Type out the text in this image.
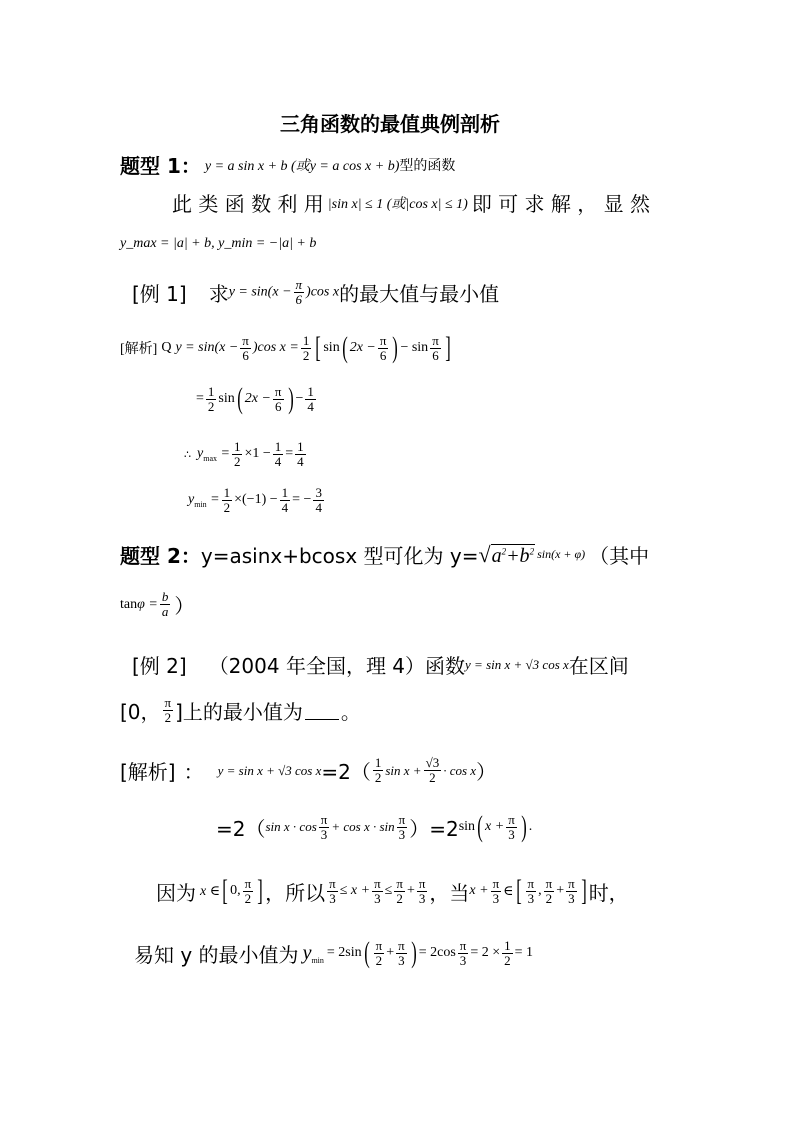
三角函数的最值典例剖析
题型 1： y = a sin x + b (或y = a cos x + b) 型的函数
此 类 函 数 利 用 |sin x| ≤ 1 (或|cos x| ≤ 1) 即 可 求 解 ， 显 然
y_max = |a| + b, y_min = −|a| + b
[例 1] 求 $y = \sin(x - \frac{\pi}{6} )\cos$ x 的最大值与最小值
[解析] Q $y = \sin(x - \frac{\pi}{6} )\cos$ $x = \frac{1}{2}$ [ sin ( $2x - \frac{\pi}{6}$ ) − $\sin \frac{\pi}{6}$ ]
= $\frac{1}{2}$ sin ( $2x - \frac{\pi}{6}$ ) − $\frac{1}{4}$
∴ $y_{max} = \frac{1}{2} \times 1 - \frac{1}{4} = \frac{1}{4}$
$y_{min} = \frac{1}{2} \times(-1) - \frac{1}{4}$ = − $\frac{3}{4}$
题型 2： y=asinx+bcosx 型可化为 y= √ $a^2+b^2$ sin(x + φ) （其中
$\tan \varphi = \frac{b}{a}$ ）
[例 2] （2004 年全国，理 4）函数 y = sin x + √3 cos x 在区间
[0， $\frac{\pi}{2}$ ]上的最小值为 。
[解析] ： y = sin x + √3 $\cos x =2( \frac{1}{2}$ $\sin x + \frac{√3}{2} \cdot \cos x$ ）
=2（ $\sin x \cdot \cos \frac{\pi}{3} + \cos x \cdot \sin \frac{\pi}{3} )=2$ sin ( $x + \frac{\pi}{3}$ ) .
因为 x ∈ [ 0, $\frac{\pi}{2}$ ] ，所以 $\frac{\pi}{3} \le x + \frac{\pi}{3} \le \frac{\pi}{2} + \frac{\pi}{3}$ ，当 $x + \frac{\pi}{3}$ ∈ [ $\frac{\pi}{3}$ , $\frac{\pi}{2} + \frac{\pi}{3}$ ] 时，
易知 y 的最小值为 $y_{min} = 2\sin$ ( $\frac{\pi}{2} + \frac{\pi}{3}$ ) = $2\cos \frac{\pi}{3} = 2 \times \frac{1}{2} = 1$
